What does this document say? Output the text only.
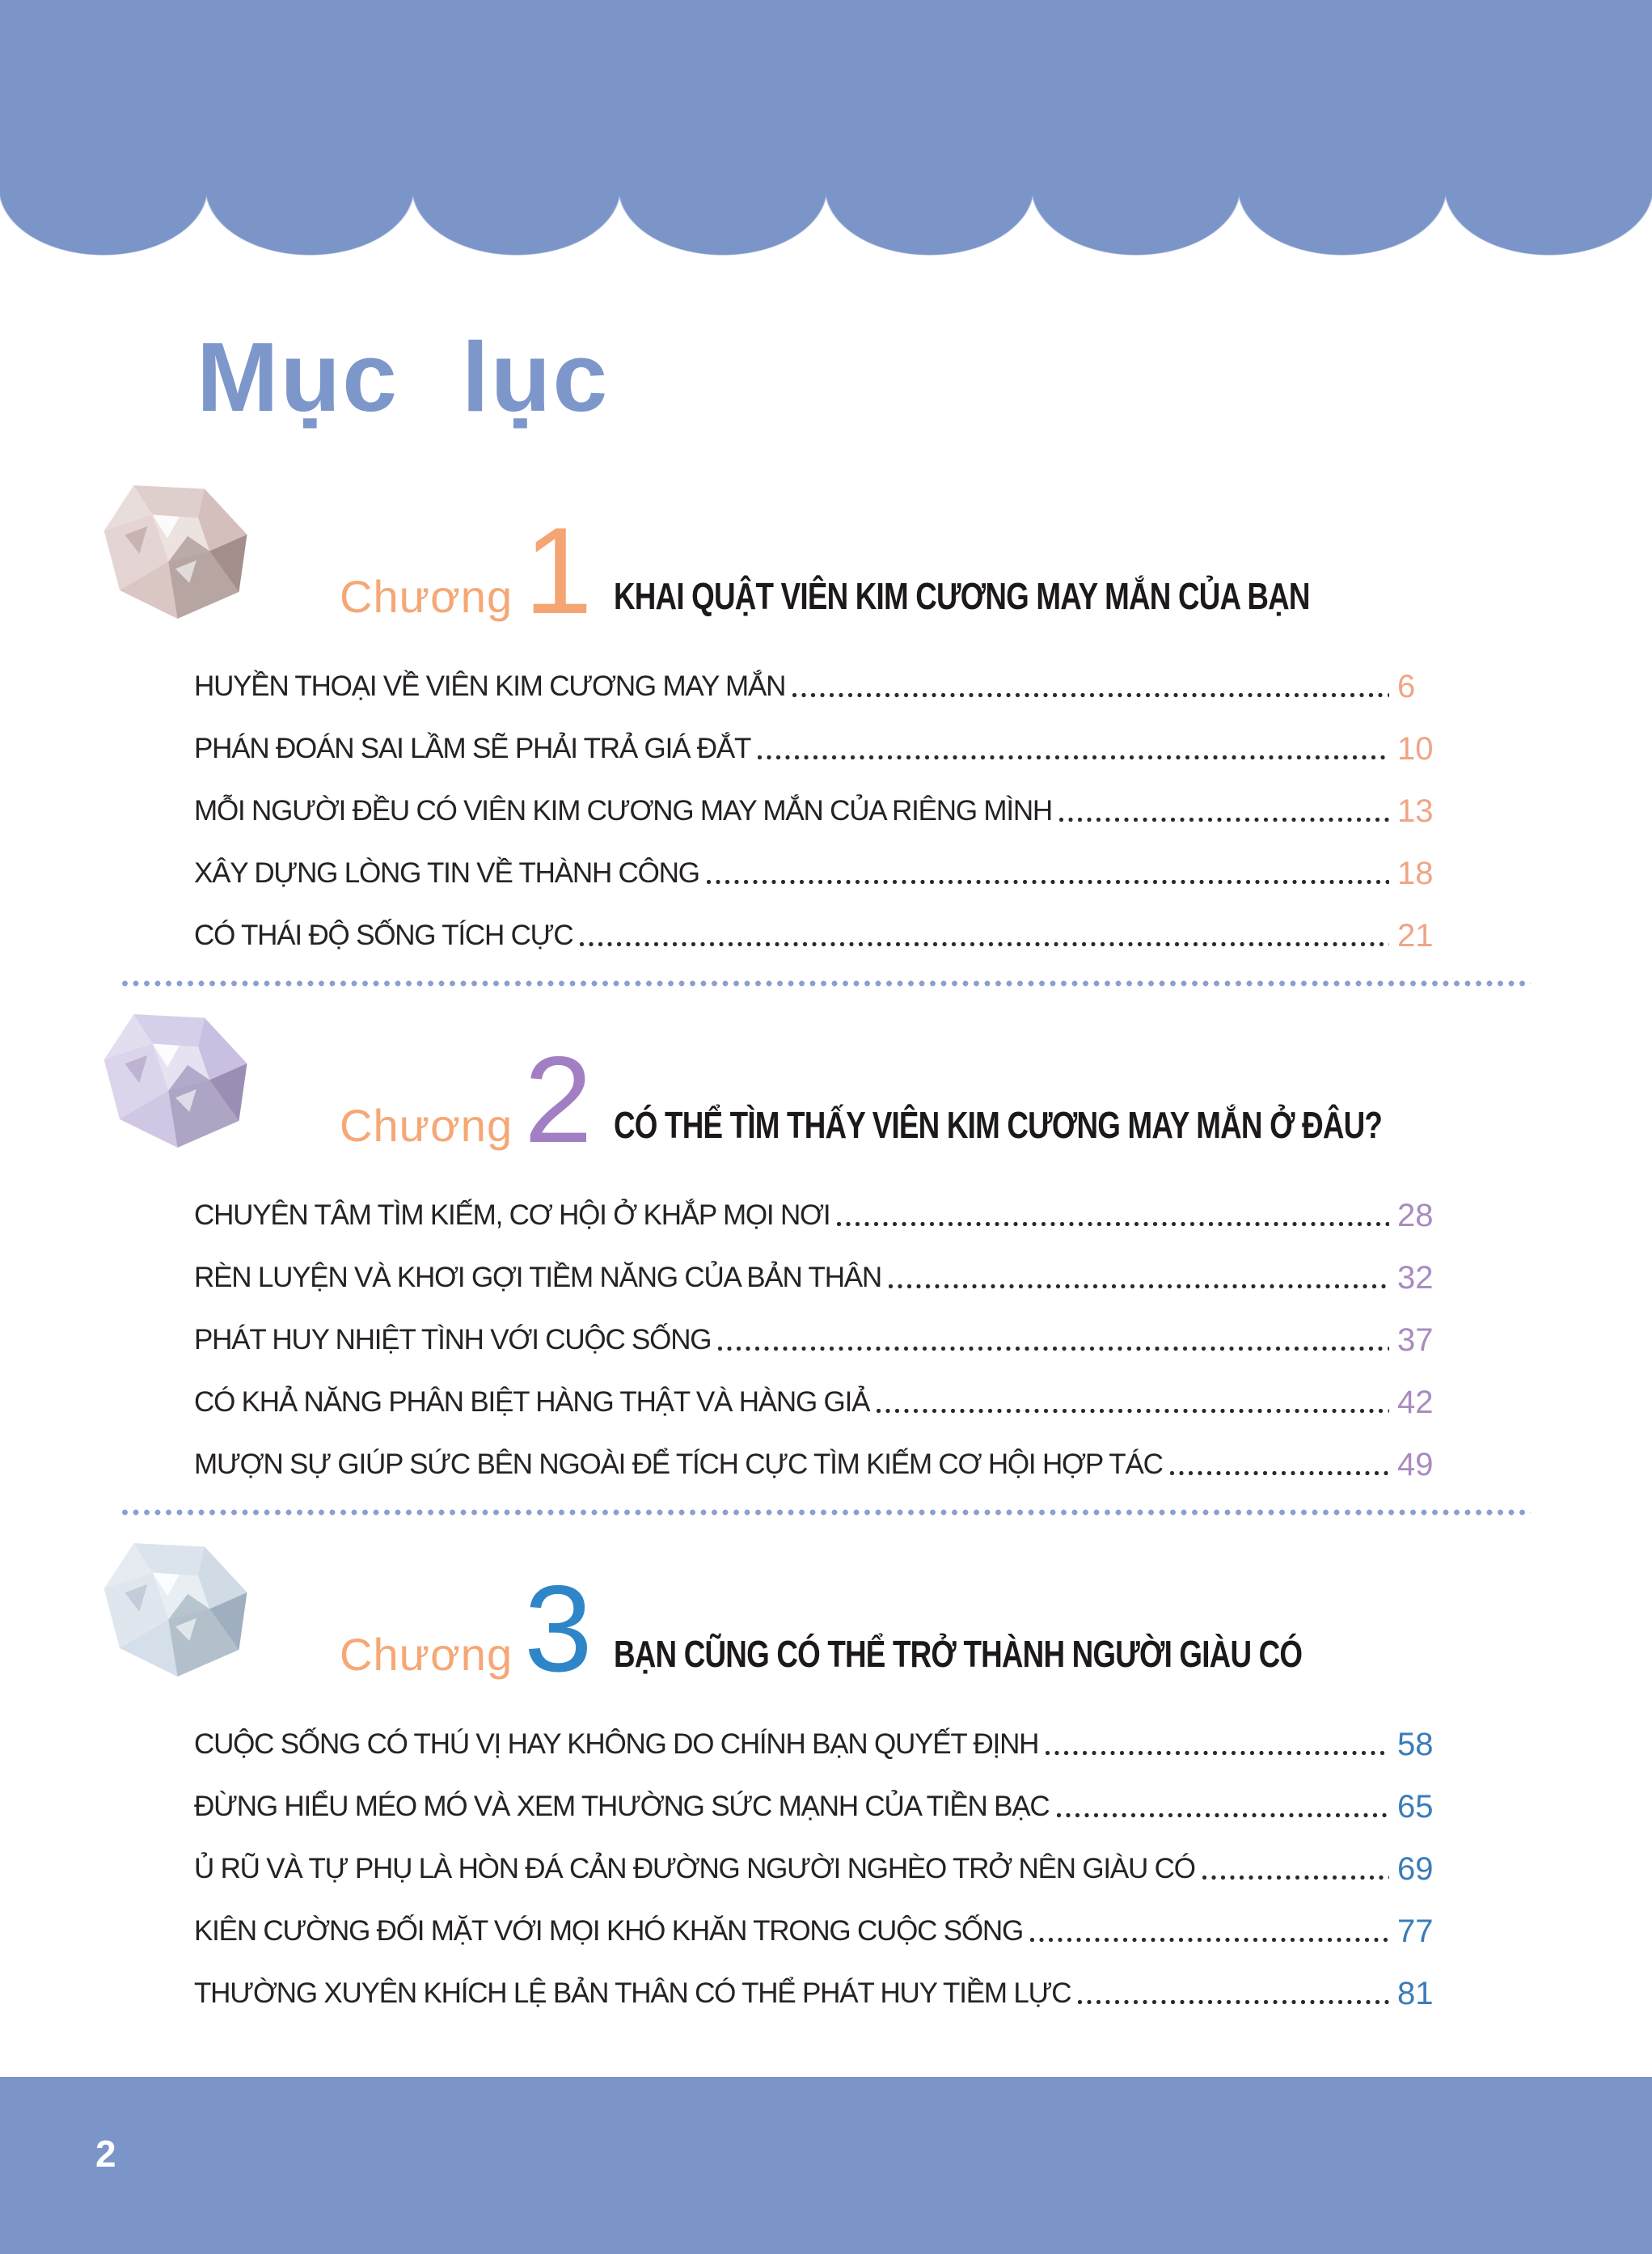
Mục lục
Chương 1 KHAI QUẬT VIÊN KIM CƯƠNG MAY MẮN CỦA BẠN
HUYỀN THOẠI VỀ VIÊN KIM CƯƠNG MAY MẮN	6
PHÁN ĐOÁN SAI LẦM SẼ PHẢI TRẢ GIÁ ĐẮT	10
MỖI NGƯỜI ĐỀU CÓ VIÊN KIM CƯƠNG MAY MẮN CỦA RIÊNG MÌNH	13
XÂY DỰNG LÒNG TIN VỀ THÀNH CÔNG	18
CÓ THÁI ĐỘ SỐNG TÍCH CỰC	21
Chương 2 CÓ THỂ TÌM THẤY VIÊN KIM CƯƠNG MAY MẮN Ở ĐÂU?
CHUYÊN TÂM TÌM KIẾM, CƠ HỘI Ở KHẮP MỌI NƠI	28
RÈN LUYỆN VÀ KHƠI GỢI TIỀM NĂNG CỦA BẢN THÂN	32
PHÁT HUY NHIỆT TÌNH VỚI CUỘC SỐNG	37
CÓ KHẢ NĂNG PHÂN BIỆT HÀNG THẬT VÀ HÀNG GIẢ	42
MƯỢN SỰ GIÚP SỨC BÊN NGOÀI ĐỂ TÍCH CỰC TÌM KIẾM CƠ HỘI HỢP TÁC	49
Chương 3 BẠN CŨNG CÓ THỂ TRỞ THÀNH NGƯỜI GIÀU CÓ
CUỘC SỐNG CÓ THÚ VỊ HAY KHÔNG DO CHÍNH BẠN QUYẾT ĐỊNH	58
ĐỪNG HIỂU MÉO MÓ VÀ XEM THƯỜNG SỨC MẠNH CỦA TIỀN BẠC	65
Ủ RŨ VÀ TỰ PHỤ LÀ HÒN ĐÁ CẢN ĐƯỜNG NGƯỜI NGHÈO TRỞ NÊN GIÀU CÓ	69
KIÊN CƯỜNG ĐỐI MẶT VỚI MỌI KHÓ KHĂN TRONG CUỘC SỐNG	77
THƯỜNG XUYÊN KHÍCH LỆ BẢN THÂN CÓ THỂ PHÁT HUY TIỀM LỰC	81
2
